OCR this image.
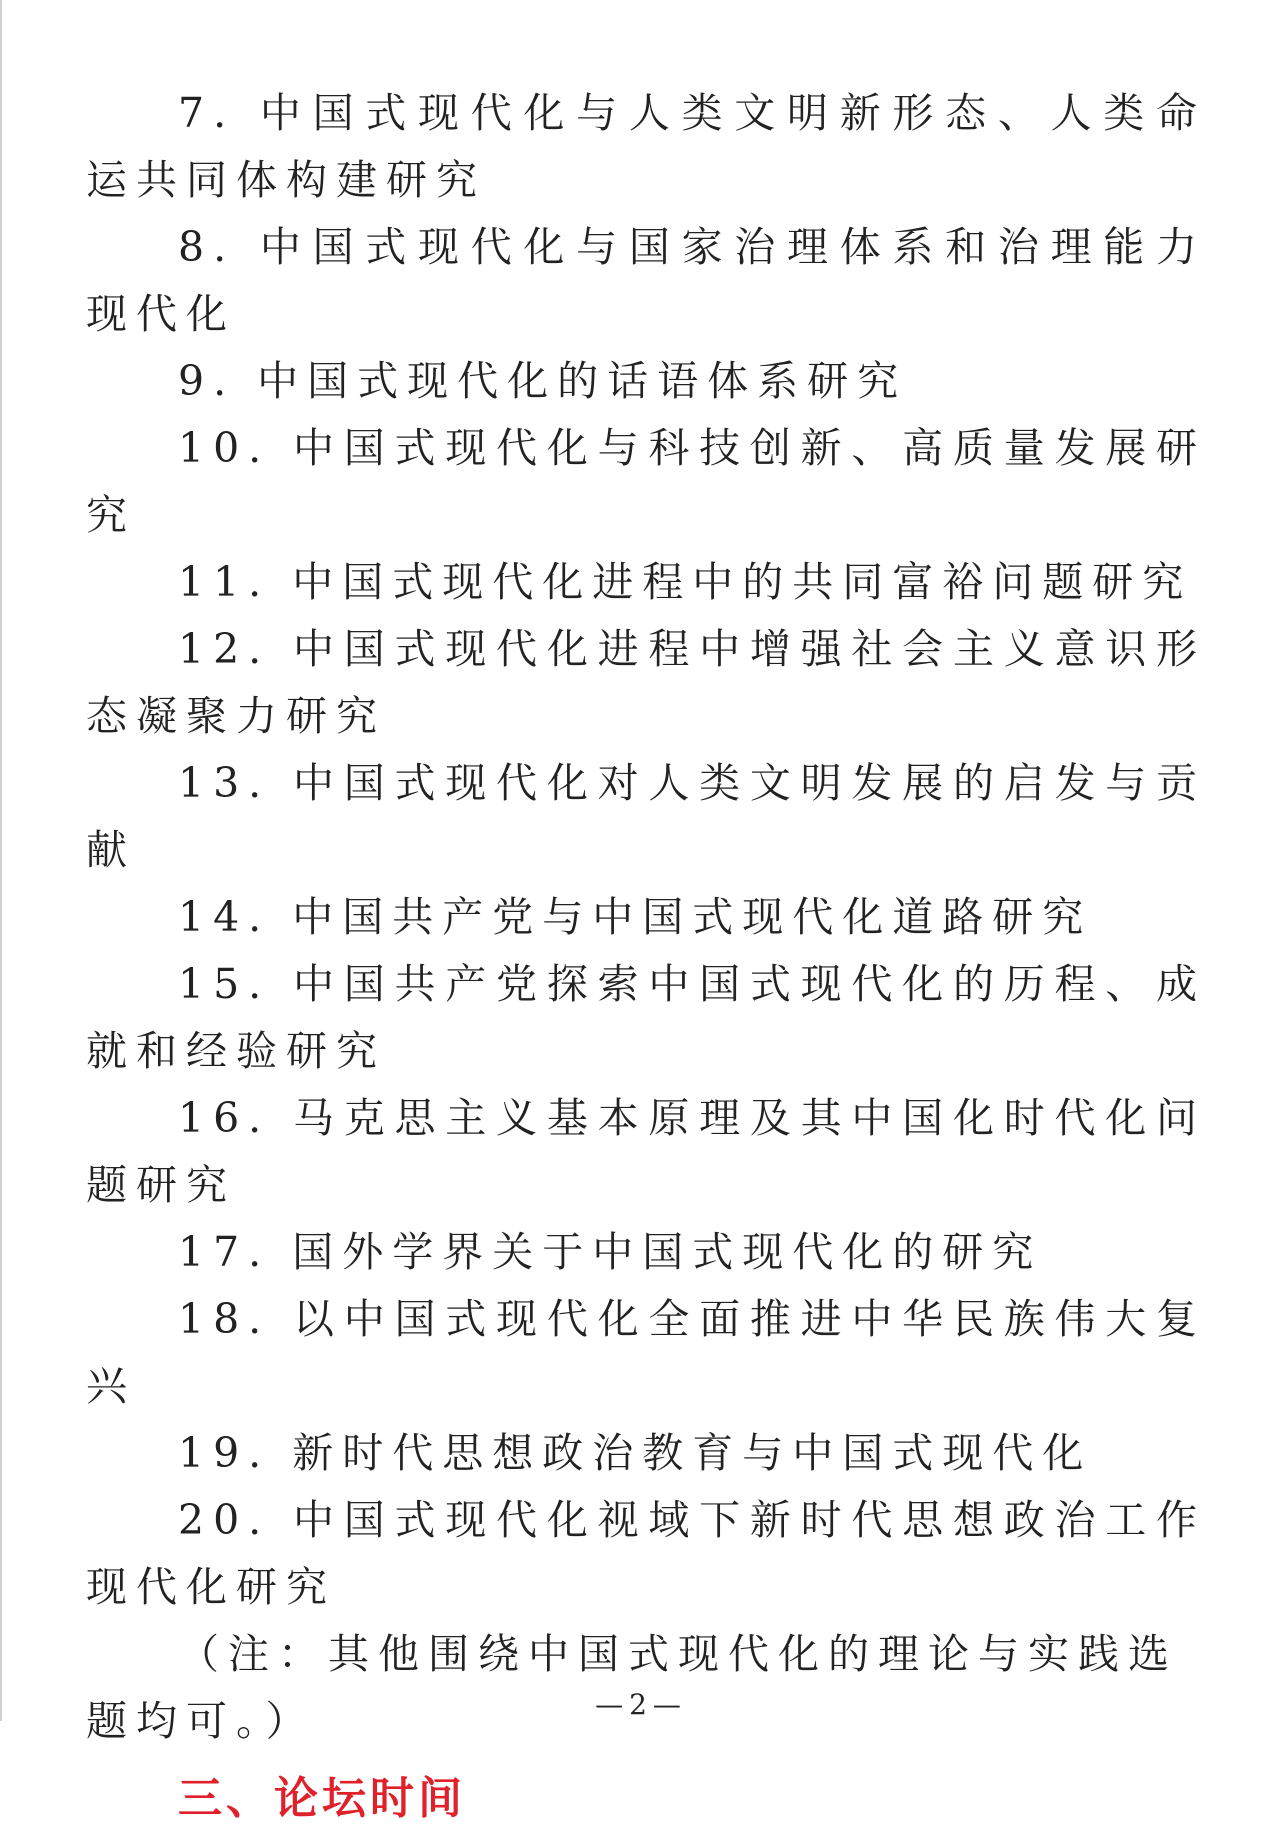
7. 中国式现代化与人类文明新形态、人类命运共同体构建研究

8. 中国式现代化与国家治理体系和治理能力现代化

9. 中国式现代化的话语体系研究

10. 中国式现代化与科技创新、高质量发展研究

11. 中国式现代化进程中的共同富裕问题研究

12. 中国式现代化进程中增强社会主义意识形态凝聚力研究

13. 中国式现代化对人类文明发展的启发与贡献

14. 中国共产党与中国式现代化道路研究

15. 中国共产党探索中国式现代化的历程、成就和经验研究

16. 马克思主义基本原理及其中国化时代化问题研究

17. 国外学界关于中国式现代化的研究

18. 以中国式现代化全面推进中华民族伟大复兴

19. 新时代思想政治教育与中国式现代化

20. 中国式现代化视域下新时代思想政治工作现代化研究

（注：其他围绕中国式现代化的理论与实践选题均可。）

三、论坛时间
—2—
